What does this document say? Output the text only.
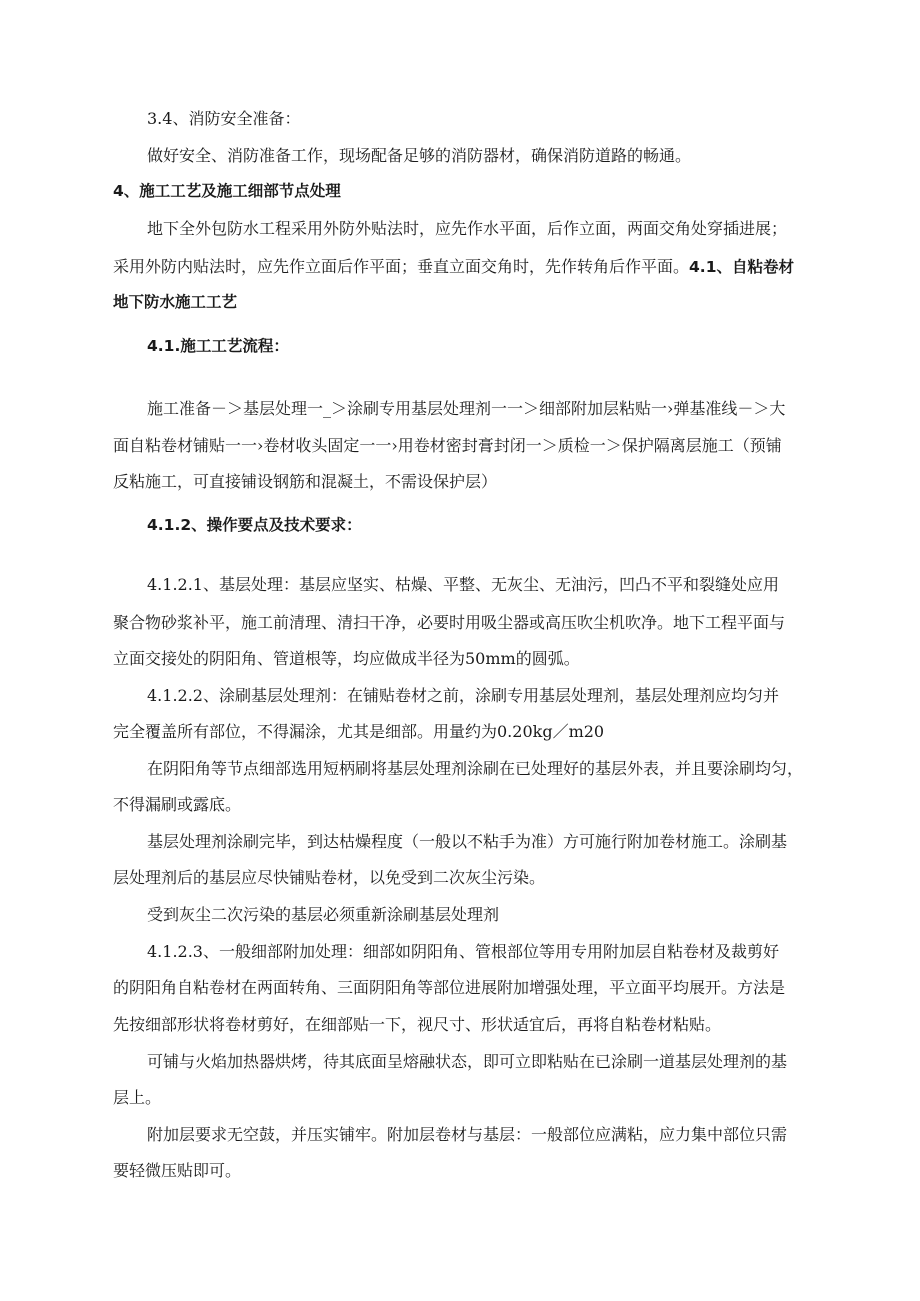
3.4、消防安全准备：

做好安全、消防准备工作，现场配备足够的消防器材，确保消防道路的畅通。

4、施工工艺及施工细部节点处理

地下全外包防水工程采用外防外贴法时，应先作水平面，后作立面，两面交角处穿插进展；

采用外防内贴法时，应先作立面后作平面；垂直立面交角时，先作转角后作平面。4.1、自粘卷材

地下防水施工工艺

4.1.施工工艺流程：

施工准备－＞基层处理一_＞涂刷专用基层处理剂一一＞细部附加层粘贴一›弹基准线－＞大

面自粘卷材铺贴一一›卷材收头固定一一›用卷材密封膏封闭一＞质检一＞保护隔离层施工（预铺

反粘施工，可直接铺设钢筋和混凝土，不需设保护层）

4.1.2、操作要点及技术要求：

4.1.2.1、基层处理：基层应坚实、枯燥、平整、无灰尘、无油污，凹凸不平和裂缝处应用

聚合物砂浆补平，施工前清理、清扫干净，必要时用吸尘器或高压吹尘机吹净。地下工程平面与

立面交接处的阴阳角、管道根等，均应做成半径为50mm的圆弧。

4.1.2.2、涂刷基层处理剂：在铺贴卷材之前，涂刷专用基层处理剂，基层处理剂应均匀并

完全覆盖所有部位，不得漏涂，尤其是细部。用量约为0.20kg／m20

在阴阳角等节点细部选用短柄刷将基层处理剂涂刷在已处理好的基层外表，并且要涂刷均匀，

不得漏刷或露底。

基层处理剂涂刷完毕，到达枯燥程度（一般以不粘手为准）方可施行附加卷材施工。涂刷基

层处理剂后的基层应尽快铺贴卷材，以免受到二次灰尘污染。

受到灰尘二次污染的基层必须重新涂刷基层处理剂

4.1.2.3、一般细部附加处理：细部如阴阳角、管根部位等用专用附加层自粘卷材及裁剪好

的阴阳角自粘卷材在两面转角、三面阴阳角等部位进展附加增强处理，平立面平均展开。方法是

先按细部形状将卷材剪好，在细部贴一下，视尺寸、形状适宜后，再将自粘卷材粘贴。

可铺与火焰加热器烘烤，待其底面呈熔融状态，即可立即粘贴在已涂刷一道基层处理剂的基

层上。

附加层要求无空鼓，并压实铺牢。附加层卷材与基层：一般部位应满粘，应力集中部位只需

要轻微压贴即可。
